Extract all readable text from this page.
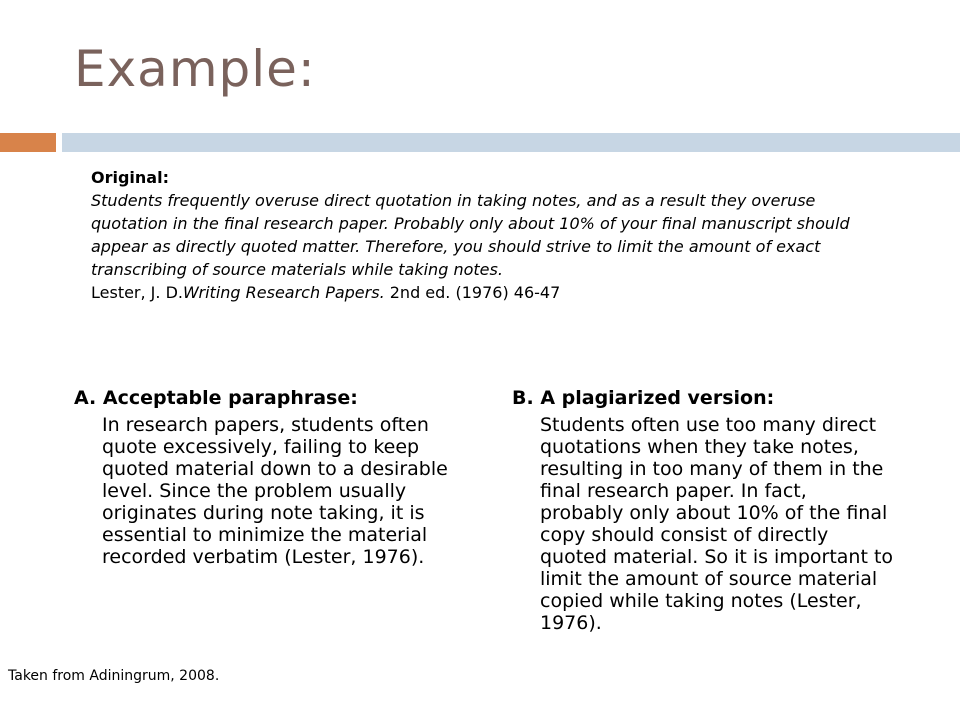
Example:
Original:
Students frequently overuse direct quotation in taking notes, and as a result they overuse quotation in the final research paper. Probably only about 10% of your final manuscript should appear as directly quoted matter. Therefore, you should strive to limit the amount of exact transcribing of source materials while taking notes.
Lester, J. D.Writing Research Papers. 2nd ed. (1976) 46-47
A. Acceptable paraphrase:
In research papers, students often quote excessively, failing to keep quoted material down to a desirable level. Since the problem usually originates during note taking, it is essential to minimize the material recorded verbatim (Lester, 1976).
B. A plagiarized version:
Students often use too many direct quotations when they take notes, resulting in too many of them in the final research paper. In fact, probably only about 10% of the final copy should consist of directly quoted material. So it is important to limit the amount of source material copied while taking notes (Lester, 1976).
Taken from Adiningrum, 2008.
